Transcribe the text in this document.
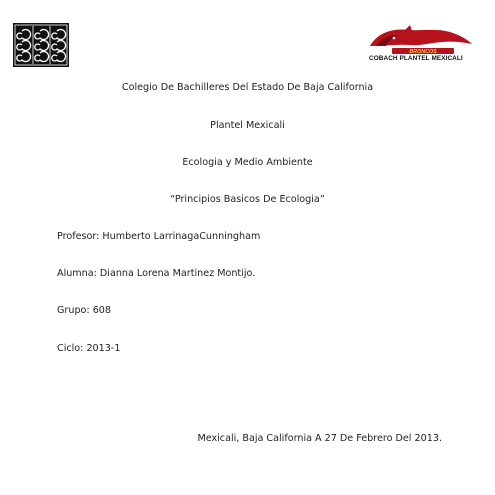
BRONCOS
COBACH PLANTEL MEXICALI
Colegio De Bachilleres Del Estado De Baja California
Plantel Mexicali
Ecologia y Medio Ambiente
“Principios Basicos De Ecologia”
Profesor: Humberto LarrinagaCunningham
Alumna: Dianna Lorena Martinez Montijo.
Grupo: 608
Ciclo: 2013-1
Mexicali, Baja California A 27 De Febrero Del 2013.
